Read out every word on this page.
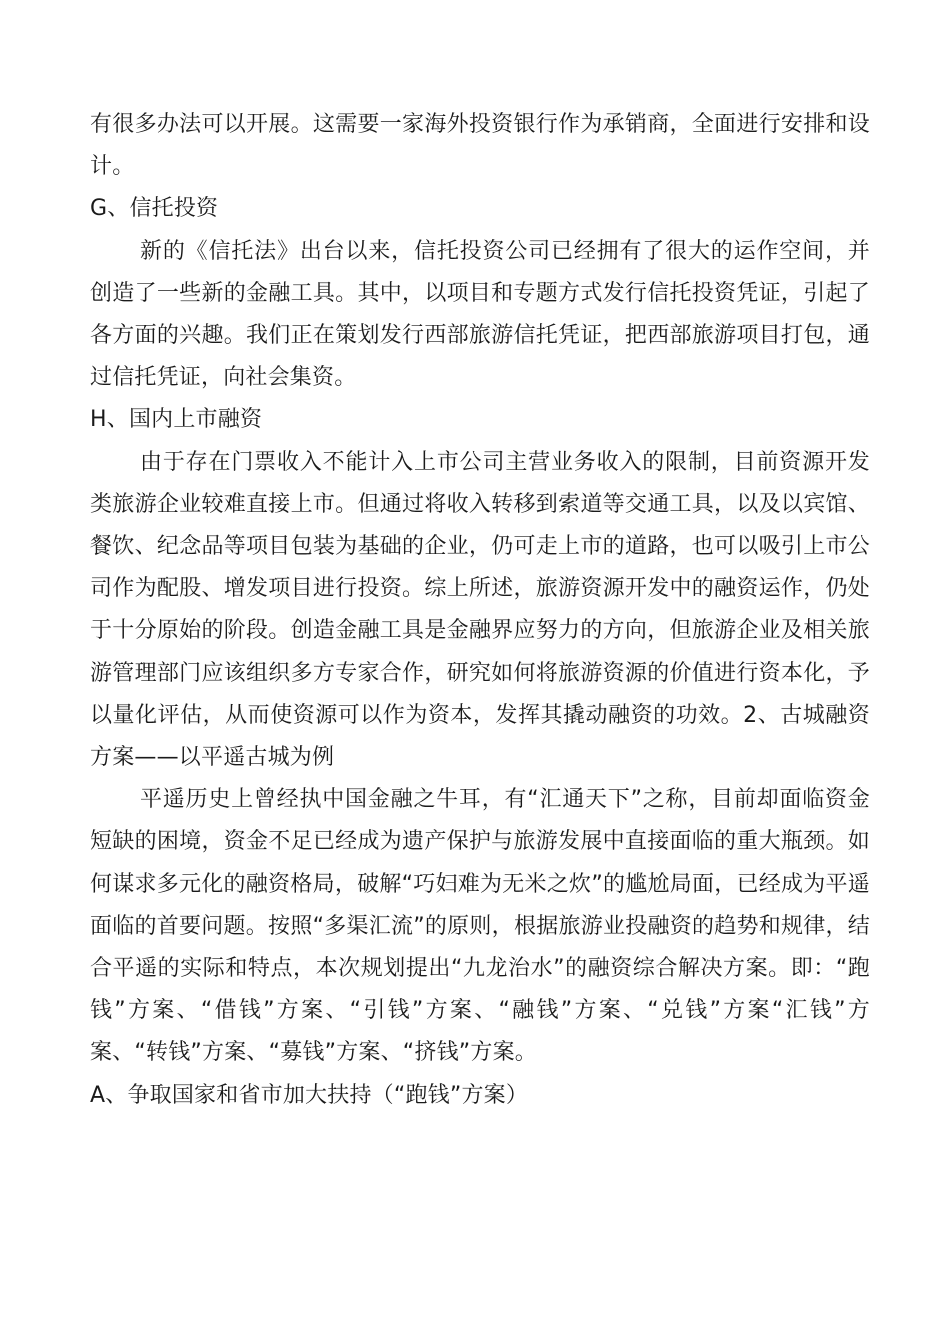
有很多办法可以开展。这需要一家海外投资银行作为承销商，全面进行安排和设计。

G、信托投资

新的《信托法》出台以来，信托投资公司已经拥有了很大的运作空间，并创造了一些新的金融工具。其中，以项目和专题方式发行信托投资凭证，引起了各方面的兴趣。我们正在策划发行西部旅游信托凭证，把西部旅游项目打包，通过信托凭证，向社会集资。

H、国内上市融资

由于存在门票收入不能计入上市公司主营业务收入的限制，目前资源开发类旅游企业较难直接上市。但通过将收入转移到索道等交通工具，以及以宾馆、餐饮、纪念品等项目包装为基础的企业，仍可走上市的道路，也可以吸引上市公司作为配股、增发项目进行投资。综上所述，旅游资源开发中的融资运作，仍处于十分原始的阶段。创造金融工具是金融界应努力的方向，但旅游企业及相关旅游管理部门应该组织多方专家合作，研究如何将旅游资源的价值进行资本化，予以量化评估，从而使资源可以作为资本，发挥其撬动融资的功效。2、古城融资方案——以平遥古城为例

平遥历史上曾经执中国金融之牛耳，有“汇通天下”之称，目前却面临资金短缺的困境，资金不足已经成为遗产保护与旅游发展中直接面临的重大瓶颈。如何谋求多元化的融资格局，破解“巧妇难为无米之炊”的尴尬局面，已经成为平遥面临的首要问题。按照“多渠汇流”的原则，根据旅游业投融资的趋势和规律，结合平遥的实际和特点，本次规划提出“九龙治水”的融资综合解决方案。即：“跑钱”方案、“借钱”方案、“引钱”方案、“融钱”方案、“兑钱”方案“汇钱”方案、“转钱”方案、“募钱”方案、“挤钱”方案。

A、争取国家和省市加大扶持（“跑钱”方案）
